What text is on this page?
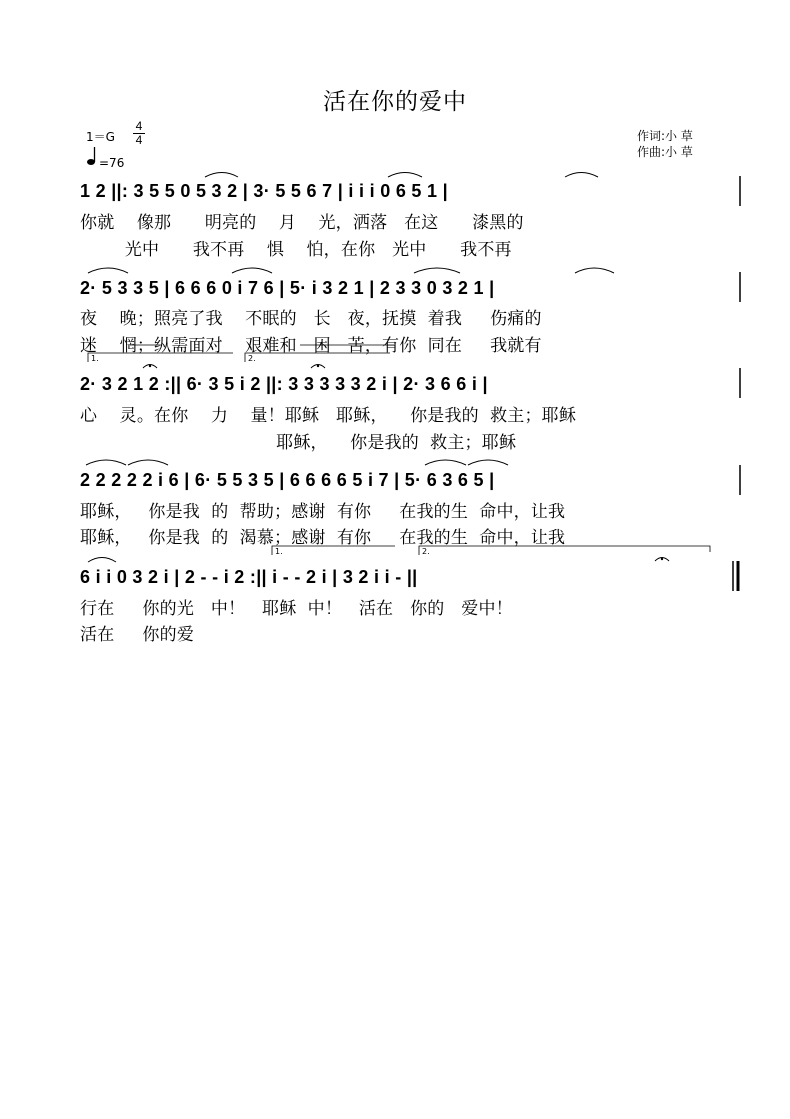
活在你的爱中
1＝G
4
4
=76
作词:小 草
作曲:小 草
1 2 ||: 3 5 5 0 5 3 2 | 3· 5 5 6 7 | i i i 0 6 5 1 |
你就    像那      明亮的    月    光，洒落   在这      漆黑的
光中      我不再    惧    怕，在你   光中      我不再
2· 5 3 3 5 | 6 6 6 0 i 7 6 | 5· i 3 2 1 | 2 3 3 0 3 2 1 |
夜    晚；照亮了我    不眠的   长   夜，抚摸  着我     伤痛的
迷    惘；纵需面对    艰难和   困   苦，有你  同在     我就有
2· 3 2 1 2 :|| 6· 3 5 i 2 ||: 3 3 3 3 3 2 i | 2· 3 6 6 i |
心    灵。在你    力    量！耶稣   耶稣，    你是我的  救主；耶稣
耶稣，    你是我的  救主；耶稣
2 2 2 2 2 i 6 | 6· 5 5 3 5 | 6 6 6 6 5 i 7 | 5· 6 3 6 5 |
耶稣，   你是我  的  帮助；感谢  有你     在我的生  命中，让我
耶稣，   你是我  的  渴慕；感谢  有你     在我的生  命中，让我
6 i i 0 3 2 i | 2 - - i 2 :|| i - - 2 i | 3 2 i i - ||
行在     你的光   中！   耶稣  中！   活在   你的   爱中！
活在     你的爱
1.	2.
1.	2.
